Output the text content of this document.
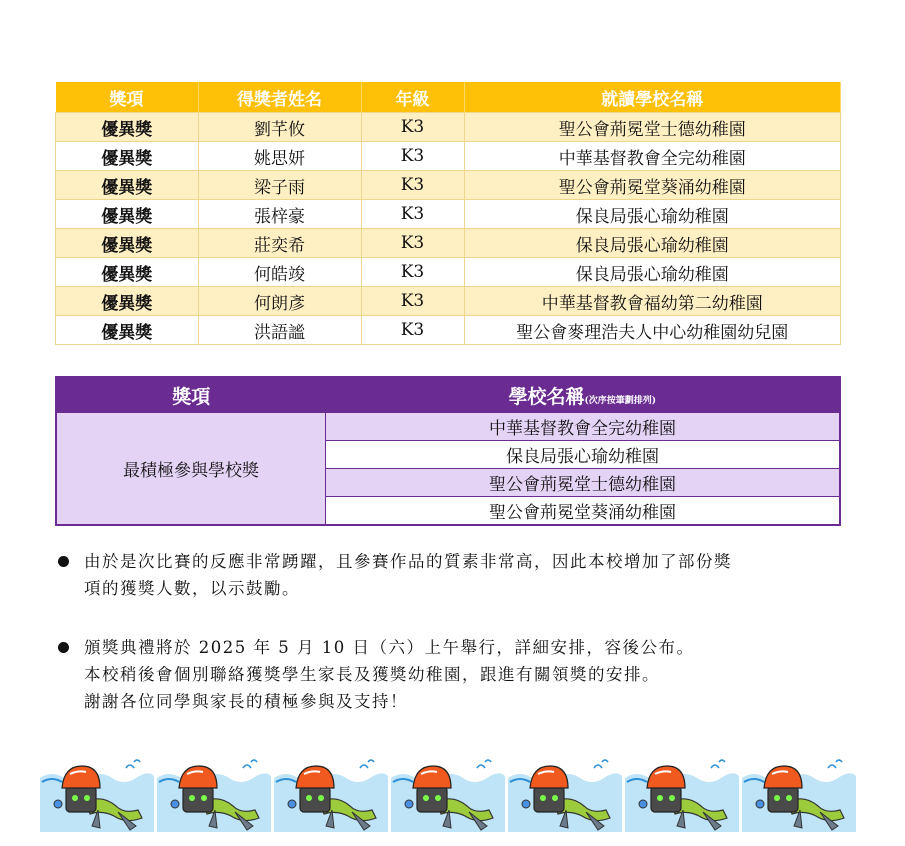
獎項	得獎者姓名	年級	就讀學校名稱
優異獎	劉芊攸	K3	聖公會荊冕堂士德幼稚園
優異獎	姚思妍	K3	中華基督教會全完幼稚園
優異獎	梁子雨	K3	聖公會荊冕堂葵涌幼稚園
優異獎	張梓豪	K3	保良局張心瑜幼稚園
優異獎	莊奕希	K3	保良局張心瑜幼稚園
優異獎	何皓竣	K3	保良局張心瑜幼稚園
優異獎	何朗彥	K3	中華基督教會福幼第二幼稚園
優異獎	洪語謐	K3	聖公會麥理浩夫人中心幼稚園幼兒園
獎項	學校名稱(次序按筆劃排列)
最積極參與學校獎	中華基督教會全完幼稚園
	保良局張心瑜幼稚園
	聖公會荊冕堂士德幼稚園
	聖公會荊冕堂葵涌幼稚園
由於是次比賽的反應非常踴躍，且參賽作品的質素非常高，因此本校增加了部份獎
項的獲獎人數，以示鼓勵。
頒獎典禮將於 2025 年 5 月 10 日（六）上午舉行，詳細安排，容後公布。
本校稍後會個別聯絡獲獎學生家長及獲獎幼稚園，跟進有關領獎的安排。
謝謝各位同學與家長的積極參與及支持！
